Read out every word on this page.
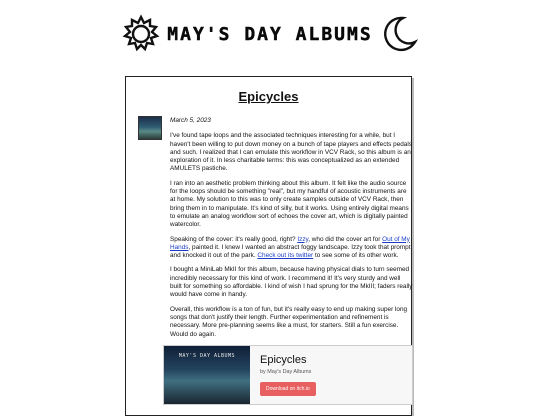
MAY'S DAY ALBUMS
Epicycles
March 5, 2023

I've found tape loops and the associated techniques interesting for a while, but I haven't been willing to put down money on a bunch of tape players and effects pedals and such. I realized that I can emulate this workflow in VCV Rack, so this album is an exploration of it. In less charitable terms: this was conceptualized as an extended AMULETS pastiche.

I ran into an aesthetic problem thinking about this album. It felt like the audio source for the loops should be something "real", but my handful of acoustic instruments are at home. My solution to this was to only create samples outside of VCV Rack, then bring them in to manipulate. It's kind of silly, but it works. Using entirely digital means to emulate an analog workflow sort of echoes the cover art, which is digitally painted watercolor.

Speaking of the cover: it's really good, right? Izzy, who did the cover art for Out of My Hands, painted it. I knew I wanted an abstract foggy landscape. Izzy took that prompt and knocked it out of the park. Check out its twitter to see some of its other work.

I bought a MiniLab MkII for this album, because having physical dials to turn seemed incredibly necessary for this kind of work. I recommend it! It's very sturdy and well built for something so affordable. I kind of wish I had sprung for the MkIII; faders really would have come in handy.

Overall, this workflow is a ton of fun, but it's really easy to end up making super long songs that don't justify their length. Further experimentation and refinement is necessary. More pre-planning seems like a must, for starters. Still a fun exercise. Would do again.

MAY'S DAY ALBUMS	Epicycles
by May's Day Albums
Download on itch.io
